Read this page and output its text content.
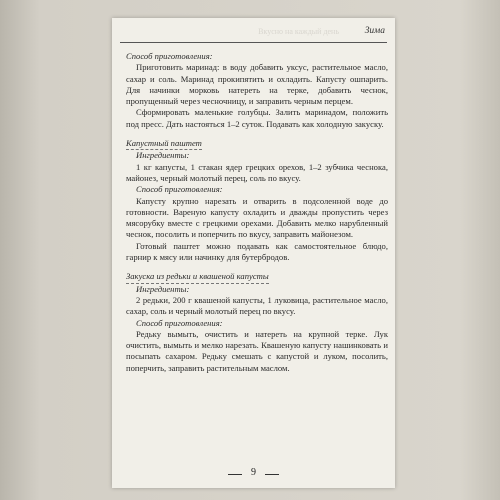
Вкусно на каждый день	Зима

Способ приготовления:

Приготовить маринад: в воду добавить уксус, растительное масло, сахар и соль. Маринад прокипятить и охладить. Капусту ошпарить. Для начинки морковь натереть на терке, добавить чеснок, пропущенный через чесночницу, и заправить черным перцем.

Сформировать маленькие голубцы. Залить маринадом, положить под пресс. Дать настояться 1–2 суток. Подавать как холодную закуску.

Капустный паштет

Ингредиенты:

1 кг капусты, 1 стакан ядер грецких орехов, 1–2 зубчика чеснока, майонез, черный молотый перец, соль по вкусу.

Способ приготовления:

Капусту крупно нарезать и отварить в подсоленной воде до готовности. Вареную капусту охладить и дважды пропустить через мясорубку вместе с грецкими орехами. Добавить мелко нарубленный чеснок, посолить и поперчить по вкусу, заправить майонезом.

Готовый паштет можно подавать как самостоятельное блюдо, гарнир к мясу или начинку для бутербродов.

Закуска из редьки и квашеной капусты

Ингредиенты:

2 редьки, 200 г квашеной капусты, 1 луковица, растительное масло, сахар, соль и черный молотый перец по вкусу.

Способ приготовления:

Редьку вымыть, очистить и натереть на крупной терке. Лук очистить, вымыть и мелко нарезать. Квашеную капусту нашинковать и посыпать сахаром. Редьку смешать с капустой и луком, посолить, поперчить, заправить растительным маслом.

9
